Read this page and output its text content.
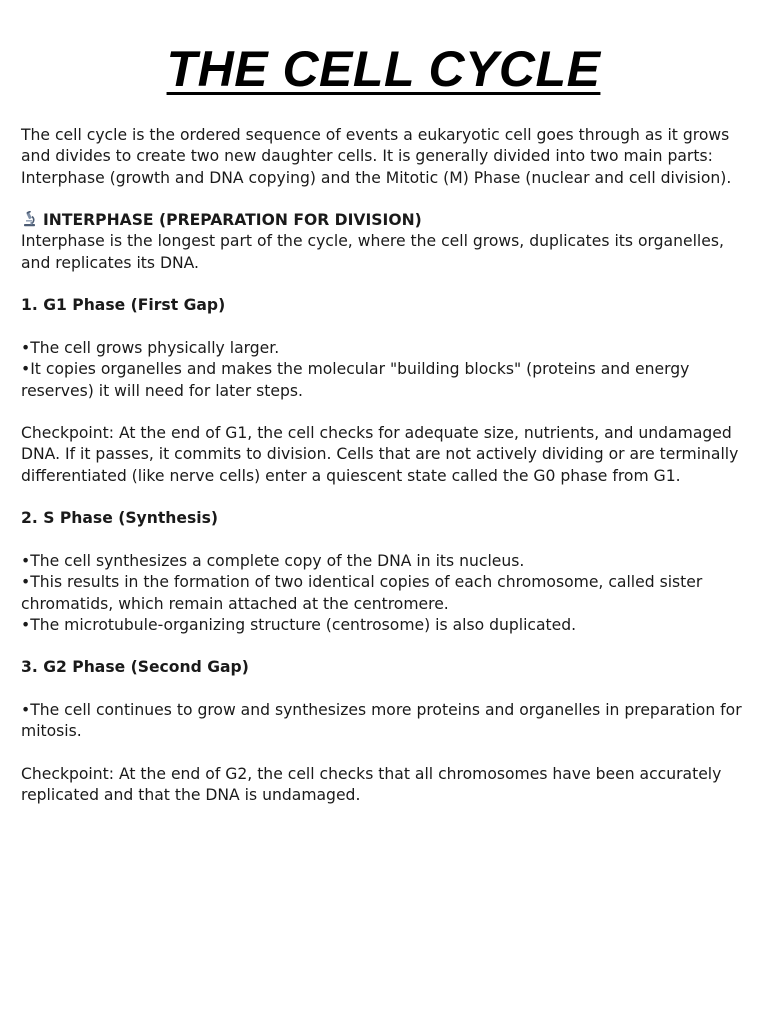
THE CELL CYCLE

The cell cycle is the ordered sequence of events a eukaryotic cell goes through as it grows and divides to create two new daughter cells. It is generally divided into two main parts: Interphase (growth and DNA copying) and the Mitotic (M) Phase (nuclear and cell division).

INTERPHASE (PREPARATION FOR DIVISION)

Interphase is the longest part of the cycle, where the cell grows, duplicates its organelles, and replicates its DNA.

1. G1 Phase (First Gap)

•The cell grows physically larger.

•It copies organelles and makes the molecular "building blocks" (proteins and energy reserves) it will need for later steps.

Checkpoint: At the end of G1, the cell checks for adequate size, nutrients, and undamaged DNA. If it passes, it commits to division. Cells that are not actively dividing or are terminally differentiated (like nerve cells) enter a quiescent state called the G0 phase from G1.

2. S Phase (Synthesis)

•The cell synthesizes a complete copy of the DNA in its nucleus.

•This results in the formation of two identical copies of each chromosome, called sister chromatids, which remain attached at the centromere.

•The microtubule-organizing structure (centrosome) is also duplicated.

3. G2 Phase (Second Gap)

•The cell continues to grow and synthesizes more proteins and organelles in preparation for mitosis.

Checkpoint: At the end of G2, the cell checks that all chromosomes have been accurately replicated and that the DNA is undamaged.
